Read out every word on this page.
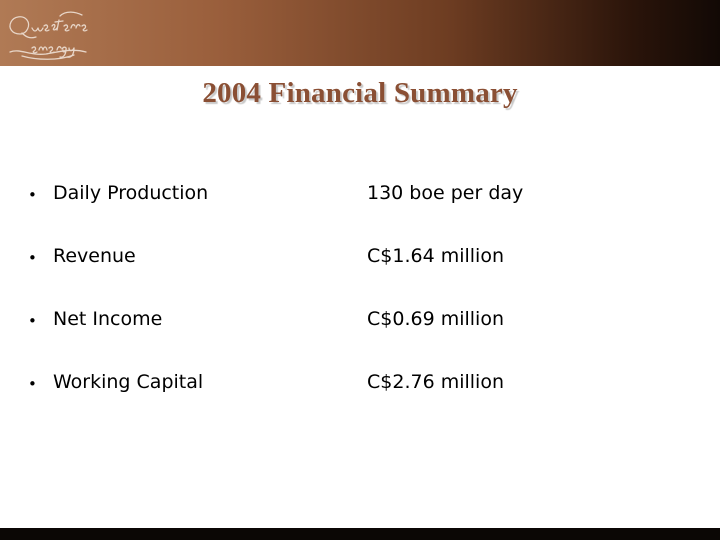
2004 Financial Summary
• Daily Production	130 boe per day
• Revenue	C$1.64 million
• Net Income	C$0.69 million
• Working Capital	C$2.76 million
